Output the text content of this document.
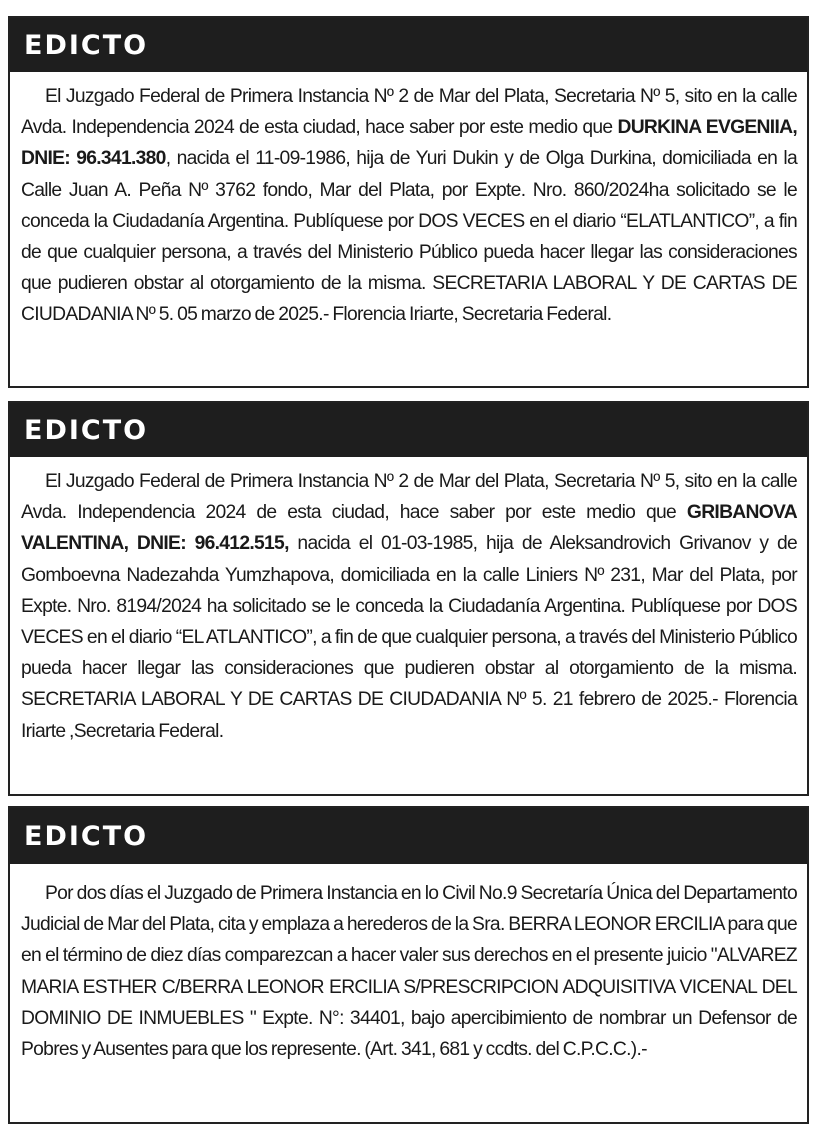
EDICTO

El Juzgado Federal de Primera Instancia Nº 2 de Mar del Plata, Secretaria Nº 5, sito en la calle Avda. Independencia 2024 de esta ciudad, hace saber por este medio que DURKINA EVGENIIA, DNIE: 96.341.380, nacida el 11-09-1986, hija de Yuri Dukin y de Olga Durkina, domiciliada en la Calle Juan A. Peña Nº 3762 fondo, Mar del Plata, por Expte. Nro. 860/2024ha solicitado se le conceda la Ciudadanía Argentina. Publíquese por DOS VECES en el diario “ELATLANTICO”, a fin de que cualquier persona, a través del Ministerio Público pueda hacer llegar las consideraciones que pudieren obstar al otorgamiento de la misma. SECRETARIA LABORAL Y DE CARTAS DE CIUDADANIA Nº 5. 05 marzo de 2025.- Florencia Iriarte, Secretaria Federal.

EDICTO

El Juzgado Federal de Primera Instancia Nº 2 de Mar del Plata, Secretaria Nº 5, sito en la calle Avda. Independencia 2024 de esta ciudad, hace saber por este medio que GRIBANOVA VALENTINA, DNIE: 96.412.515, nacida el 01-03-1985, hija de Aleksandrovich Grivanov y de Gomboevna Nadezahda Yumzhapova, domiciliada en la calle Liniers Nº 231, Mar del Plata, por Expte. Nro. 8194/2024 ha solicitado se le conceda la Ciudadanía Argentina. Publíquese por DOS VECES en el diario “EL ATLANTICO”, a fin de que cualquier persona, a través del Ministerio Público pueda hacer llegar las consideraciones que pudieren obstar al otorgamiento de la misma. SECRETARIA LABORAL Y DE CARTAS DE CIUDADANIA Nº 5. 21 febrero de 2025.- Florencia Iriarte ,Secretaria Federal.

EDICTO

Por dos días el Juzgado de Primera Instancia en lo Civil No.9 Secretaría Única del Departamento Judicial de Mar del Plata, cita y emplaza a herederos de la Sra. BERRA LEONOR ERCILIA para que en el término de diez días comparezcan a hacer valer sus derechos en el presente juicio "ALVAREZ MARIA ESTHER C/BERRA LEONOR ERCILIA S/PRESCRIPCION ADQUISITIVA VICENAL DEL DOMINIO DE INMUEBLES " Expte. N°: 34401, bajo apercibimiento de nombrar un Defensor de Pobres y Ausentes para que los represente. (Art. 341, 681 y ccdts. del C.P.C.C.).-
